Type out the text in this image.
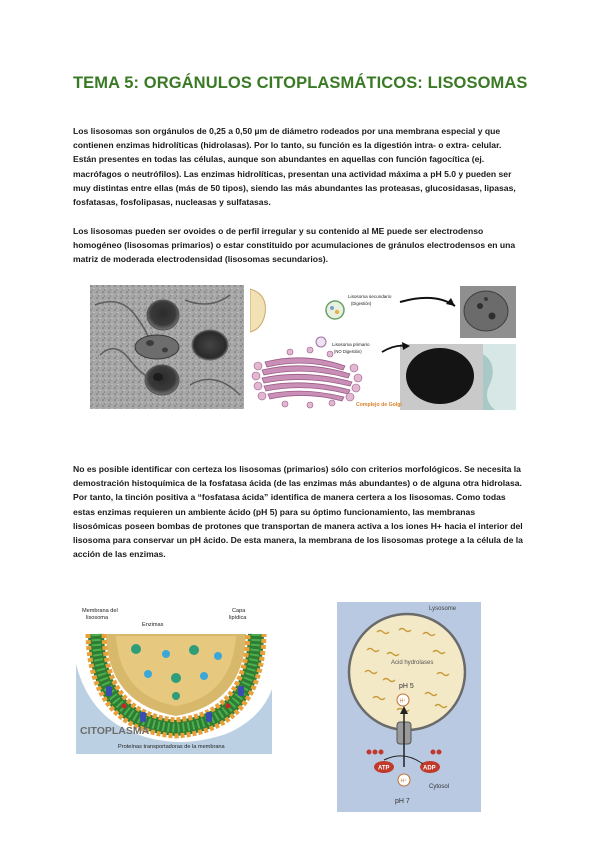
TEMA 5: ORGÁNULOS CITOPLASMÁTICOS: LISOSOMAS

Los lisosomas son orgánulos de 0,25 a 0,50 µm de diámetro rodeados por una membrana especial y que contienen enzimas hidrolíticas (hidrolasas). Por lo tanto, su función es la digestión intra- o extra- celular. Están presentes en todas las células, aunque son abundantes en aquellas con función fagocítica (ej. macrófagos o neutrófilos). Las enzimas hidrolíticas, presentan una actividad máxima a pH 5.0 y pueden ser muy distintas entre ellas (más de 50 tipos), siendo las más abundantes las proteasas, glucosidasas, lipasas, fosfatasas, fosfolipasas, nucleasas y sulfatasas.

Los lisosomas pueden ser ovoides o de perfil irregular y su contenido al ME puede ser electrodenso homogéneo (lisosomas primarios) o estar constituido por acumulaciones de gránulos electrodensos en una matriz de moderada electrodensidad (lisosomas secundarios).

Lisosoma secundario
(Digestión)
Lisosoma primario
(NO Digestión)
Complejo de Golgi

No es posible identificar con certeza los lisosomas (primarios) sólo con criterios morfológicos. Se necesita la demostración histoquímica de la fosfatasa ácida (de las enzimas más abundantes) o de alguna otra hidrolasa. Por tanto, la tinción positiva a “fosfatasa ácida” identifica de manera certera a los lisosomas. Como todas estas enzimas requieren un ambiente ácido (pH 5) para su óptimo funcionamiento, las membranas lisosómicas poseen bombas de protones que transportan de manera activa a los iones H+ hacia el interior del lisosoma para conservar un pH ácido. De esta manera, la membrana de los lisosomas protege a la célula de la acción de las enzimas.

Membrana del
lisosoma
Enzimas
Capa
lipídica
CITOPLASMA
Proteínas transportadoras de la membrana
Lysosome
Acid hydrolases
pH 5
H⁺
ATP	ADP
Cytosol
H⁺
pH 7
